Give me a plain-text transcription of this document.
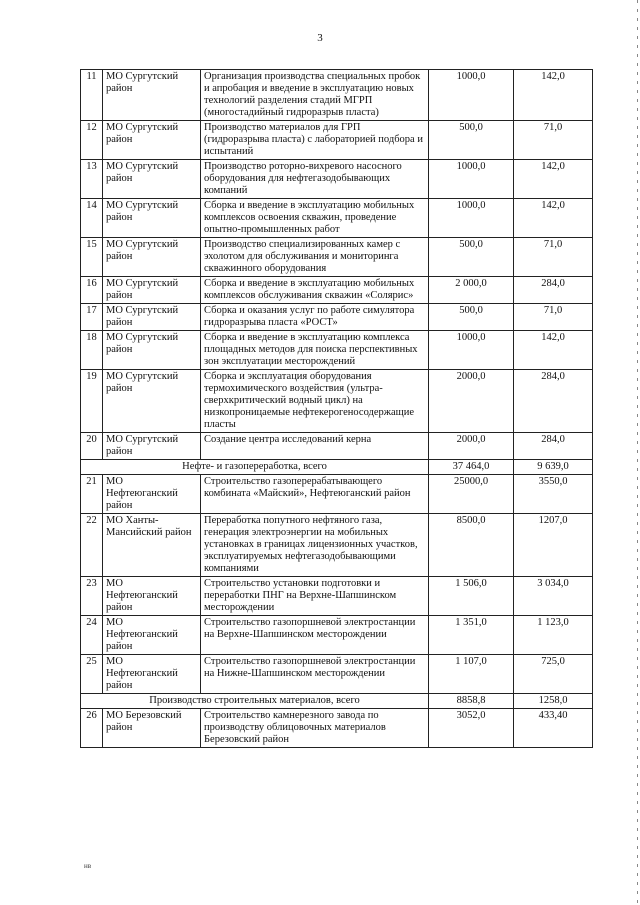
3
11	МО Сургутский район	Организация производства специальных пробок и апробация и введение в эксплуатацию новых технологий разделения стадий МГРП (многостадийный гидроразрыв пласта)	1000,0	142,0
12	МО Сургутский район	Производство материалов для ГРП (гидроразрыва пласта) с лабораторией подбора и испытаний	500,0	71,0
13	МО Сургутский район	Производство роторно-вихревого насосного оборудования для нефтегазодобывающих компаний	1000,0	142,0
14	МО Сургутский район	Сборка и введение в эксплуатацию мобильных комплексов освоения скважин, проведение опытно-промышленных работ	1000,0	142,0
15	МО Сургутский район	Производство специализированных камер с эхолотом для обслуживания и мониторинга скважинного оборудования	500,0	71,0
16	МО Сургутский район	Сборка и введение в эксплуатацию мобильных комплексов обслуживания скважин «Солярис»	2 000,0	284,0
17	МО Сургутский район	Сборка и оказания услуг по работе симулятора гидроразрыва пласта «РОСТ»	500,0	71,0
18	МО Сургутский район	Сборка и введение в эксплуатацию комплекса площадных методов для поиска перспективных зон эксплуатации месторождений	1000,0	142,0
19	МО Сургутский район	Сборка и эксплуатация оборудования термохимического воздействия (ультра-сверхкритический водный цикл) на низкопроницаемые нефтекерогеносодержащие пласты	2000,0	284,0
20	МО Сургутский район	Создание центра исследований керна	2000,0	284,0
Нефте- и газопереработка, всего			37 464,0	9 639,0
21	МО Нефтеюганский район	Строительство газоперерабатывающего комбината «Майский», Нефтеюганский район	25000,0	3550,0
22	МО Ханты-Мансийский район	Переработка попутного нефтяного газа, генерация электроэнергии на мобильных установках в границах лицензионных участков, эксплуатируемых нефтегазодобывающими компаниями	8500,0	1207,0
23	МО Нефтеюганский район	Строительство установки подготовки и переработки ПНГ на Верхне-Шапшинском месторождении	1 506,0	3 034,0
24	МО Нефтеюганский район	Строительство газопоршневой электростанции на Верхне-Шапшинском месторождении	1 351,0	1 123,0
25	МО Нефтеюганский район	Строительство газопоршневой электростанции на Нижне-Шапшинском месторождении	1 107,0	725,0
Производство строительных материалов, всего			8858,8	1258,0
26	МО Березовский район	Строительство камнерезного завода по производству облицовочных материалов Березовский район	3052,0	433,40
нв
